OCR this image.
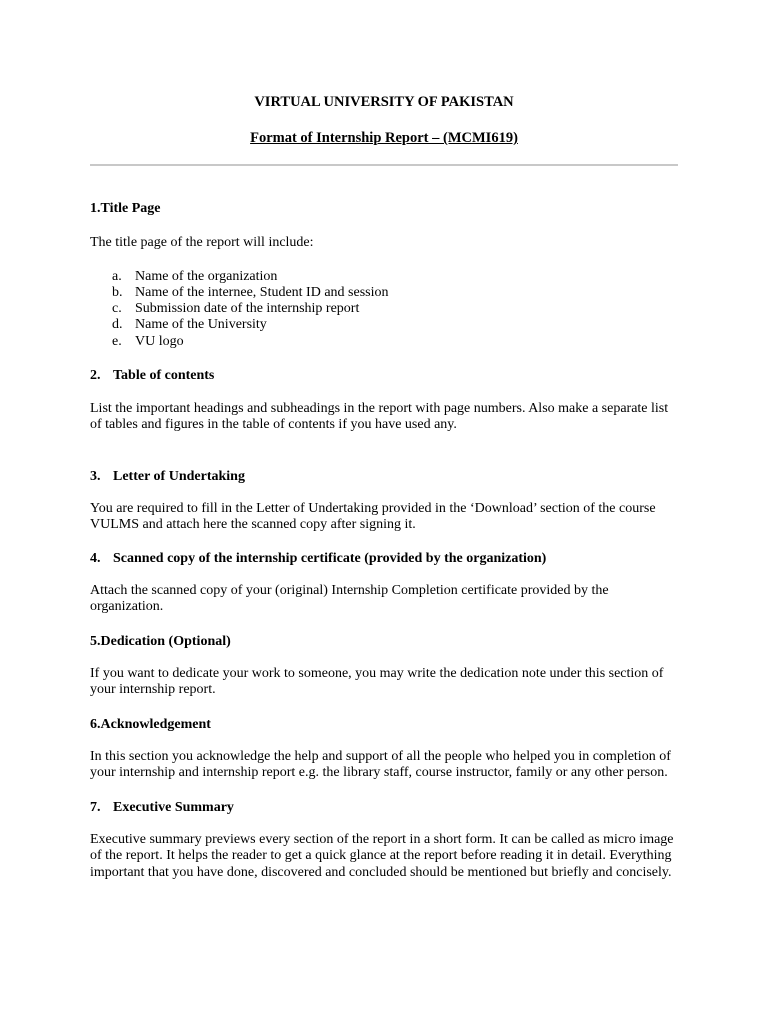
VIRTUAL UNIVERSITY OF PAKISTAN
Format of Internship Report – (MCMI619)

1.Title Page

The title page of the report will include:

a. Name of the organization
b. Name of the internee, Student ID and session
c. Submission date of the internship report
d. Name of the University
e. VU logo

2. Table of contents

List the important headings and subheadings in the report with page numbers. Also make a separate list of tables and figures in the table of contents if you have used any.

3. Letter of Undertaking

You are required to fill in the Letter of Undertaking provided in the ‘Download’ section of the course VULMS and attach here the scanned copy after signing it.

4. Scanned copy of the internship certificate (provided by the organization)

Attach the scanned copy of your (original) Internship Completion certificate provided by the organization.

5.Dedication (Optional)

If you want to dedicate your work to someone, you may write the dedication note under this section of your internship report.

6.Acknowledgement

In this section you acknowledge the help and support of all the people who helped you in completion of your internship and internship report e.g. the library staff, course instructor, family or any other person.

7. Executive Summary

Executive summary previews every section of the report in a short form. It can be called as micro image of the report. It helps the reader to get a quick glance at the report before reading it in detail. Everything important that you have done, discovered and concluded should be mentioned but briefly and concisely.
